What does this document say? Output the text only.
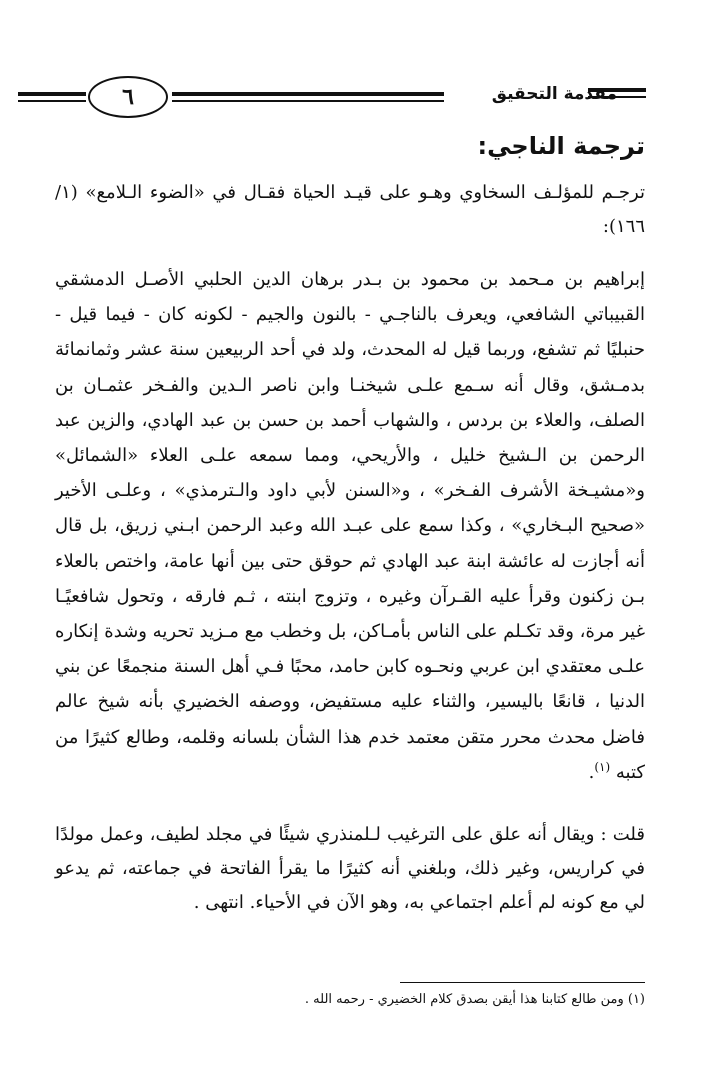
مقدمة التحقيق
٦
ترجمة الناجي:
ترجـم للمؤلـف السخاوي وهـو على قيـد الحياة فقـال في «الضوء الـلامع» (١/ ١٦٦):
إبراهيم بن مـحمد بن محمود بن بـدر برهان الدين الحلبي الأصـل الدمشقي القبيباتي الشافعي، ويعرف بالناجـي - بالنون والجيم - لكونه كان - فيما قيل - حنبليًا ثم تشفع، وربما قيل له المحدث، ولد في أحد الربيعين سنة عشر وثمانمائة بدمـشق، وقال أنه سـمع علـى شيخنـا وابن ناصر الـدين والفـخر عثمـان بن الصلف، والعلاء بن بردس ، والشهاب أحمد بن حسن بن عبد الهادي، والزين عبد الرحمن بن الـشيخ خليل ، والأريحي، ومما سمعه علـى العلاء «الشمائل» و«مشيـخة الأشرف الفـخر» ، و«السنن لأبي داود والـترمذي» ، وعلـى الأخير «صحيح البـخاري» ، وكذا سمع على عبـد الله وعبد الرحمن ابـني زريق، بل قال أنه أجازت له عائشة ابنة عبد الهادي ثم حوقق حتى بين أنها عامة، واختص بالعلاء بـن زكنون وقرأ عليه القـرآن وغيره ، وتزوج ابنته ، ثـم فارقه ، وتحول شافعيًـا غير مرة، وقد تكـلم على الناس بأمـاكن، بل وخطب مع مـزيد تحريه وشدة إنكاره علـى معتقدي ابن عربي ونحـوه كابن حامد، محبًا فـي أهل السنة منجمعًا عن بني الدنيا ، قانعًا باليسير، والثناء عليه مستفيض، ووصفه الخضيري بأنه شيخ عالم فاضل محدث محرر متقن معتمد خدم هذا الشأن بلسانه وقلمه، وطالع كثيرًا من كتبه $^{(١)}$.
قلت : ويقال أنه علق على الترغيب لـلمنذري شيئًا في مجلد لطيف، وعمل مولدًا في كراريس، وغير ذلك، وبلغني أنه كثيرًا ما يقرأ الفاتحة في جماعته، ثم يدعو لي مع كونه لم أعلم اجتماعي به، وهو الآن في الأحياء. انتهى .
(١) ومن طالع كتابنا هذا أيقن بصدق كلام الخضيري - رحمه الله .
